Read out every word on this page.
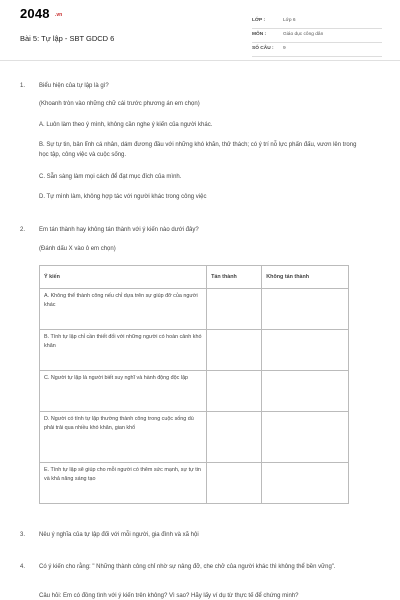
2048 .vn
Bài 5: Tự lập - SBT GDCD 6
LỚP :	Lớp 6
MÔN :	Giáo dục công dân
SỐ CÂU : 9
1. Biểu hiện của tự lập là gì?
(Khoanh tròn vào những chữ cái trước phương án em chọn)
A. Luôn làm theo ý mình, không cần nghe ý kiến của người khác.
B. Sự tự tin, bản lĩnh cá nhân, dám đương đầu với những khó khăn, thử thách; có ý trí nỗ lực phấn đấu, vươn lên trong học tập, công việc và cuộc sống.
C. Sẵn sàng làm mọi cách để đạt mục đích của mình.
D. Tự mình làm, không hợp tác với người khác trong công việc
2. Em tán thành hay không tán thành với ý kiến nào dưới đây?
(Đánh dấu X vào ô em chọn)
Ý kiến	Tán thành	Không tán thành
A. Không thể thành công nếu chỉ dựa trên sự giúp đỡ của người khác		
B. Tính tự lập chỉ cần thiết đối với những người có hoàn cảnh khó khăn		
C. Người tự lập là người biết suy nghĩ và hành động độc lập		
D. Người có tính tự lập thường thành công trong cuộc sống dù phải trải qua nhiều khó khăn, gian khổ		
E. Tính tự lập sẽ giúp cho mỗi người có thêm sức mạnh, sự tự tin và khả năng sáng tạo		
3. Nêu ý nghĩa của tự lập đối với mỗi người, gia đình và xã hội
4. Có ý kiến cho rằng: " Những thành công chỉ nhờ sự nâng đỡ, che chở của người khác thì không thể bền vững".
Câu hỏi: Em có đồng tình với ý kiến trên không? Vì sao? Hãy lấy ví dụ từ thực tế để chứng minh?
